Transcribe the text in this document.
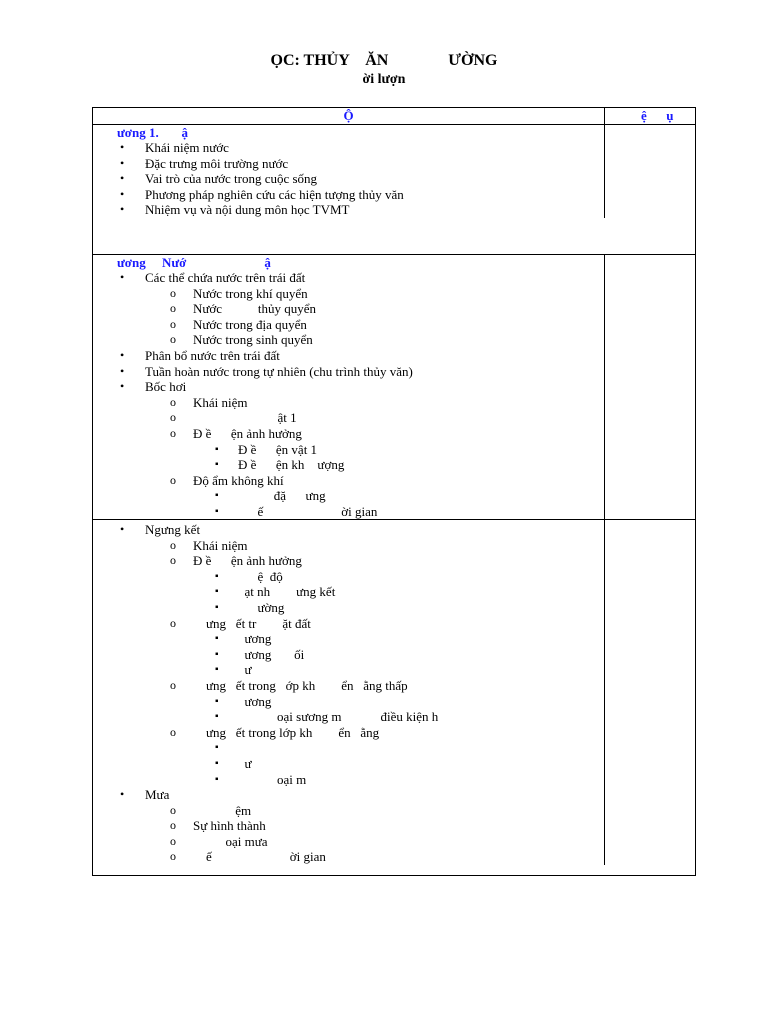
ỌC: THỦY    ĂN               ƯỜNG
ời lượn
Ộ	ệ      ụ
ương 1.       ậ
• Khái niệm nước
• Đặc trưng môi trường nước
• Vai trò của nước trong cuộc sống
• Phương pháp nghiên cứu các hiện tượng thủy văn
• Nhiệm vụ và nội dung môn học TVMT
ương     Nướ                        ậ
• Các thể chứa nước trên trái đất
o Nước trong khí quyển
o Nước           thủy quyển
o Nước trong địa quyển
o Nước trong sinh quyển
• Phân bổ nước trên trái đất
• Tuần hoàn nước trong tự nhiên (chu trình thủy văn)
• Bốc hơi
o Khái niệm
o                           ật 1
o Đ ề      ện ảnh hưởng
▪ Đ ề      ện vật 1
▪ Đ ề      ện kh    ượng
o Độ ẩm không khí
▪            đặ      ưng
▪       ế                        ời gian
• Ngưng kết
o Khái niệm
o Đ ề      ện ảnh hưởng
▪       ệ  độ
▪   ạt nh        ưng kết
▪       ường
o     ưng   ết tr        ặt đất
▪   ương
▪   ương       ối
▪   ư
o     ưng   ết trong   ớp kh        ển   ằng thấp
▪   ương
▪             oại sương m            điều kiện h
o     ưng   ết trong lớp kh        ển   ằng
▪
▪   ư
▪             oại m
• Mưa
o              ệm
o Sự hình thành
o           oại mưa
o     ế                        ời gian
